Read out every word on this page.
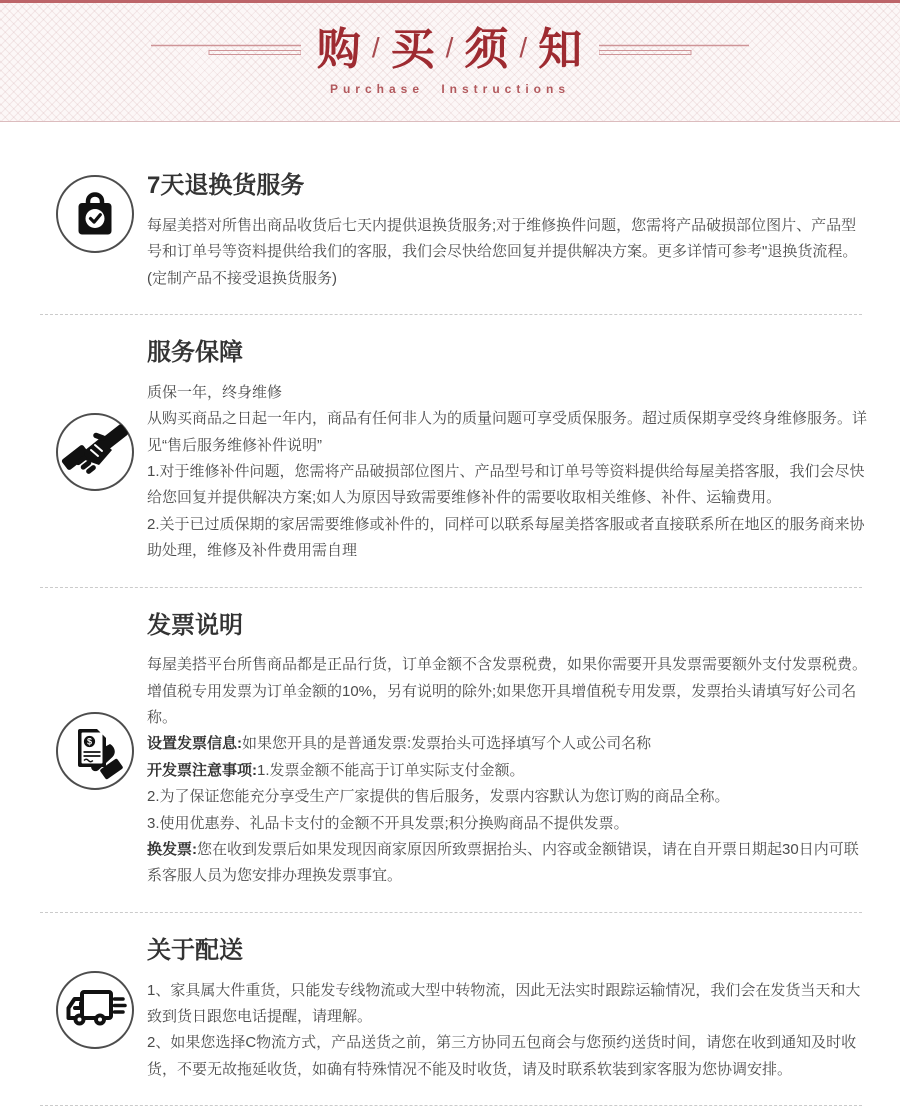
购 / 买 / 须 / 知
Purchase Instructions
7天退换货服务

每屋美搭对所售出商品收货后七天内提供退换货服务;对于维修换件问题，您需将产品破损部位图片、产品型号和订单号等资料提供给我们的客服，我们会尽快给您回复并提供解决方案。更多详情可参考"退换货流程。

(定制产品不接受退换货服务)

服务保障

质保一年，终身维修

从购买商品之日起一年内，商品有任何非人为的质量问题可享受质保服务。超过质保期享受终身维修服务。详见“售后服务维修补件说明”

1.对于维修补件问题，您需将产品破损部位图片、产品型号和订单号等资料提供给每屋美搭客服，我们会尽快给您回复并提供解决方案;如人为原因导致需要维修补件的需要收取相关维修、补件、运输费用。

2.关于已过质保期的家居需要维修或补件的，同样可以联系每屋美搭客服或者直接联系所在地区的服务商来协助处理，维修及补件费用需自理

$
发票说明

每屋美搭平台所售商品都是正品行货，订单金额不含发票税费，如果你需要开具发票需要额外支付发票税费。增值税专用发票为订单金额的10%，另有说明的除外;如果您开具增值税专用发票，发票抬头请填写好公司名称。

设置发票信息:如果您开具的是普通发票:发票抬头可选择填写个人或公司名称

开发票注意事项:1.发票金额不能高于订单实际支付金额。

2.为了保证您能充分享受生产厂家提供的售后服务，发票内容默认为您订购的商品全称。

3.使用优惠券、礼品卡支付的金额不开具发票;积分换购商品不提供发票。

换发票:您在收到发票后如果发现因商家原因所致票据抬头、内容或金额错误，请在自开票日期起30日内可联系客服人员为您安排办理换发票事宜。

关于配送

1、家具属大件重货，只能发专线物流或大型中转物流，因此无法实时跟踪运输情况，我们会在发货当天和大致到货日跟您电话提醒，请理解。

2、如果您选择C物流方式，产品送货之前，第三方协同五包商会与您预约送货时间，请您在收到通知及时收货，不要无故拖延收货，如确有特殊情况不能及时收货，请及时联系软装到家客服为您协调安排。
